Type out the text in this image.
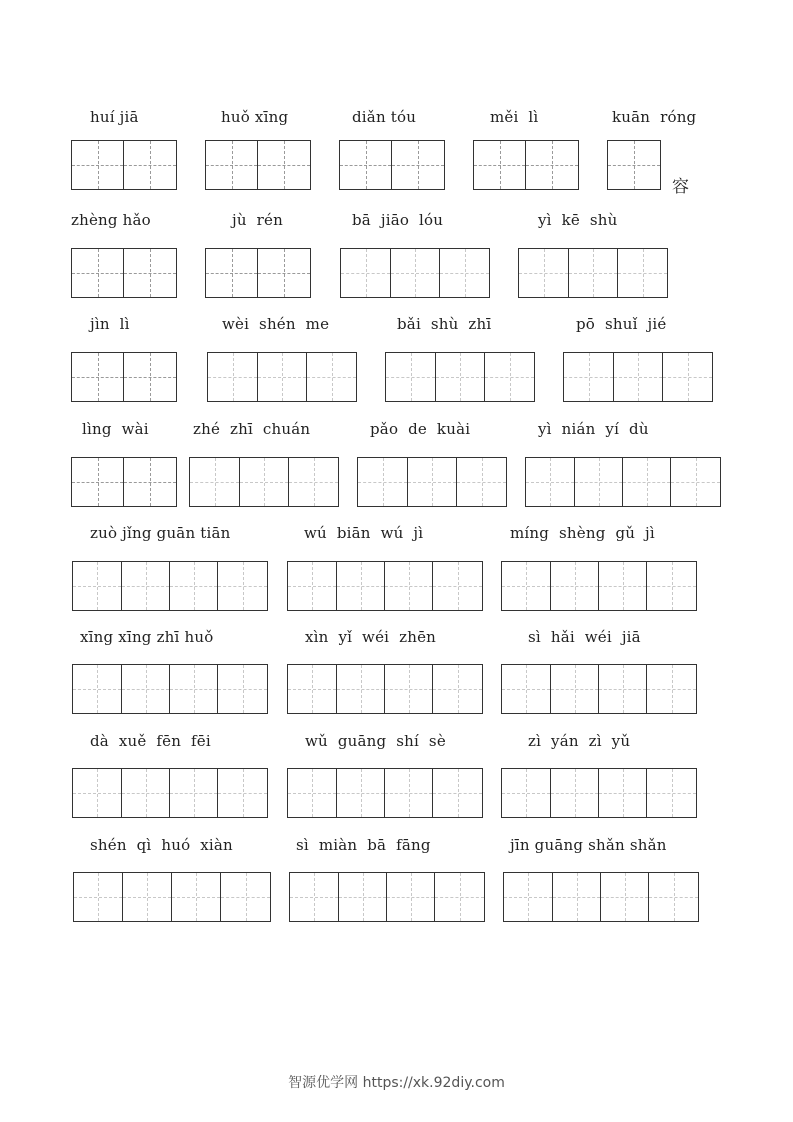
huí jiā	huǒ xīng	diǎn tóu	měi  lì	kuān  róng
容
zhèng hǎo	jù  rén	bā  jiāo  lóu	yì  kē  shù
jìn  lì	wèi  shén  me	bǎi  shù  zhī	pō  shuǐ  jié
lìng  wài	zhé  zhī  chuán	pǎo  de  kuài	yì  nián  yí  dù
zuò jǐng guān tiān	wú  biān  wú  jì	míng  shèng  gǔ  jì
xīng xīng zhī huǒ	xìn  yǐ  wéi  zhēn	sì  hǎi  wéi  jiā
dà  xuě  fēn  fēi	wǔ  guāng  shí  sè	zì  yán  zì  yǔ
shén  qì  huó  xiàn	sì  miàn  bā  fāng	jīn guāng shǎn shǎn
智源优学网 https://xk.92diy.com
